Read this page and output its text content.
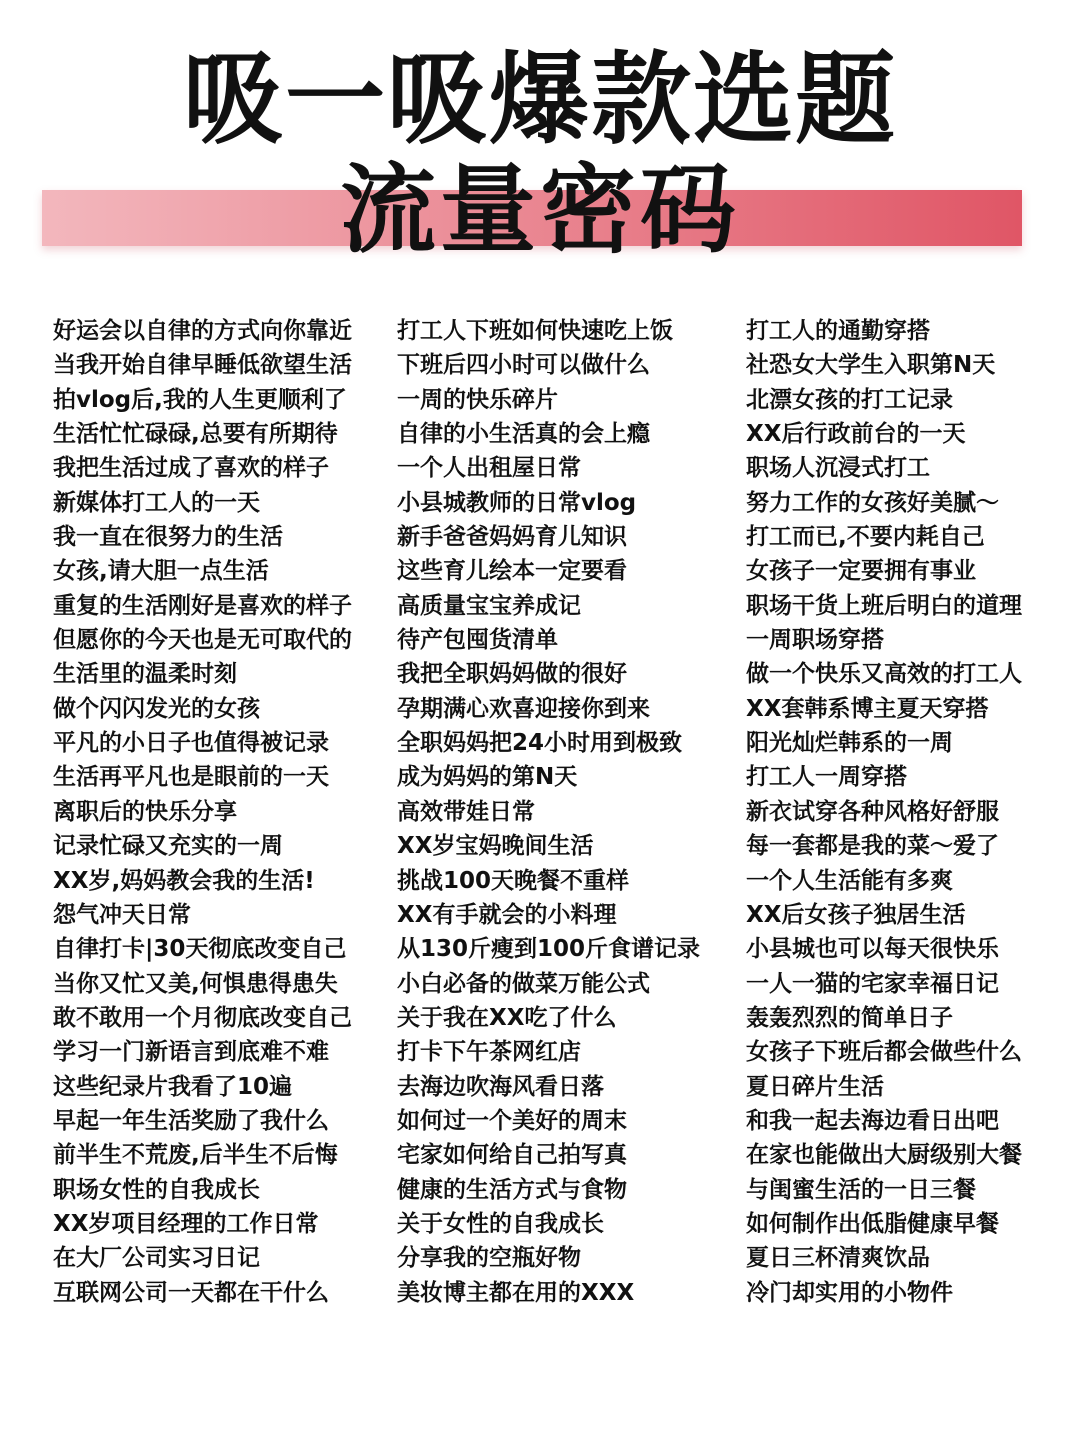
吸一吸爆款选题
流量密码
好运会以自律的方式向你靠近
当我开始自律早睡低欲望生活
拍vlog后,我的人生更顺利了
生活忙忙碌碌,总要有所期待
我把生活过成了喜欢的样子
新媒体打工人的一天
我一直在很努力的生活
女孩,请大胆一点生活
重复的生活刚好是喜欢的样子
但愿你的今天也是无可取代的
生活里的温柔时刻
做个闪闪发光的女孩
平凡的小日子也值得被记录
生活再平凡也是眼前的一天
离职后的快乐分享
记录忙碌又充实的一周
XX岁,妈妈教会我的生活!
怨气冲天日常
自律打卡|30天彻底改变自己
当你又忙又美,何惧患得患失
敢不敢用一个月彻底改变自己
学习一门新语言到底难不难
这些纪录片我看了10遍
早起一年生活奖励了我什么
前半生不荒废,后半生不后悔
职场女性的自我成长
XX岁项目经理的工作日常
在大厂公司实习日记
互联网公司一天都在干什么
打工人下班如何快速吃上饭
下班后四小时可以做什么
一周的快乐碎片
自律的小生活真的会上瘾
一个人出租屋日常
小县城教师的日常vlog
新手爸爸妈妈育儿知识
这些育儿绘本一定要看
高质量宝宝养成记
待产包囤货清单
我把全职妈妈做的很好
孕期满心欢喜迎接你到来
全职妈妈把24小时用到极致
成为妈妈的第N天
高效带娃日常
XX岁宝妈晚间生活
挑战100天晚餐不重样
XX有手就会的小料理
从130斤瘦到100斤食谱记录
小白必备的做菜万能公式
关于我在XX吃了什么
打卡下午茶网红店
去海边吹海风看日落
如何过一个美好的周末
宅家如何给自己拍写真
健康的生活方式与食物
关于女性的自我成长
分享我的空瓶好物
美妆博主都在用的XXX
打工人的通勤穿搭
社恐女大学生入职第N天
北漂女孩的打工记录
XX后行政前台的一天
职场人沉浸式打工
努力工作的女孩好美腻～
打工而已,不要内耗自己
女孩子一定要拥有事业
职场干货上班后明白的道理
一周职场穿搭
做一个快乐又高效的打工人
XX套韩系博主夏天穿搭
阳光灿烂韩系的一周
打工人一周穿搭
新衣试穿各种风格好舒服
每一套都是我的菜～爱了
一个人生活能有多爽
XX后女孩子独居生活
小县城也可以每天很快乐
一人一猫的宅家幸福日记
轰轰烈烈的简单日子
女孩子下班后都会做些什么
夏日碎片生活
和我一起去海边看日出吧
在家也能做出大厨级别大餐
与闺蜜生活的一日三餐
如何制作出低脂健康早餐
夏日三杯清爽饮品
冷门却实用的小物件
